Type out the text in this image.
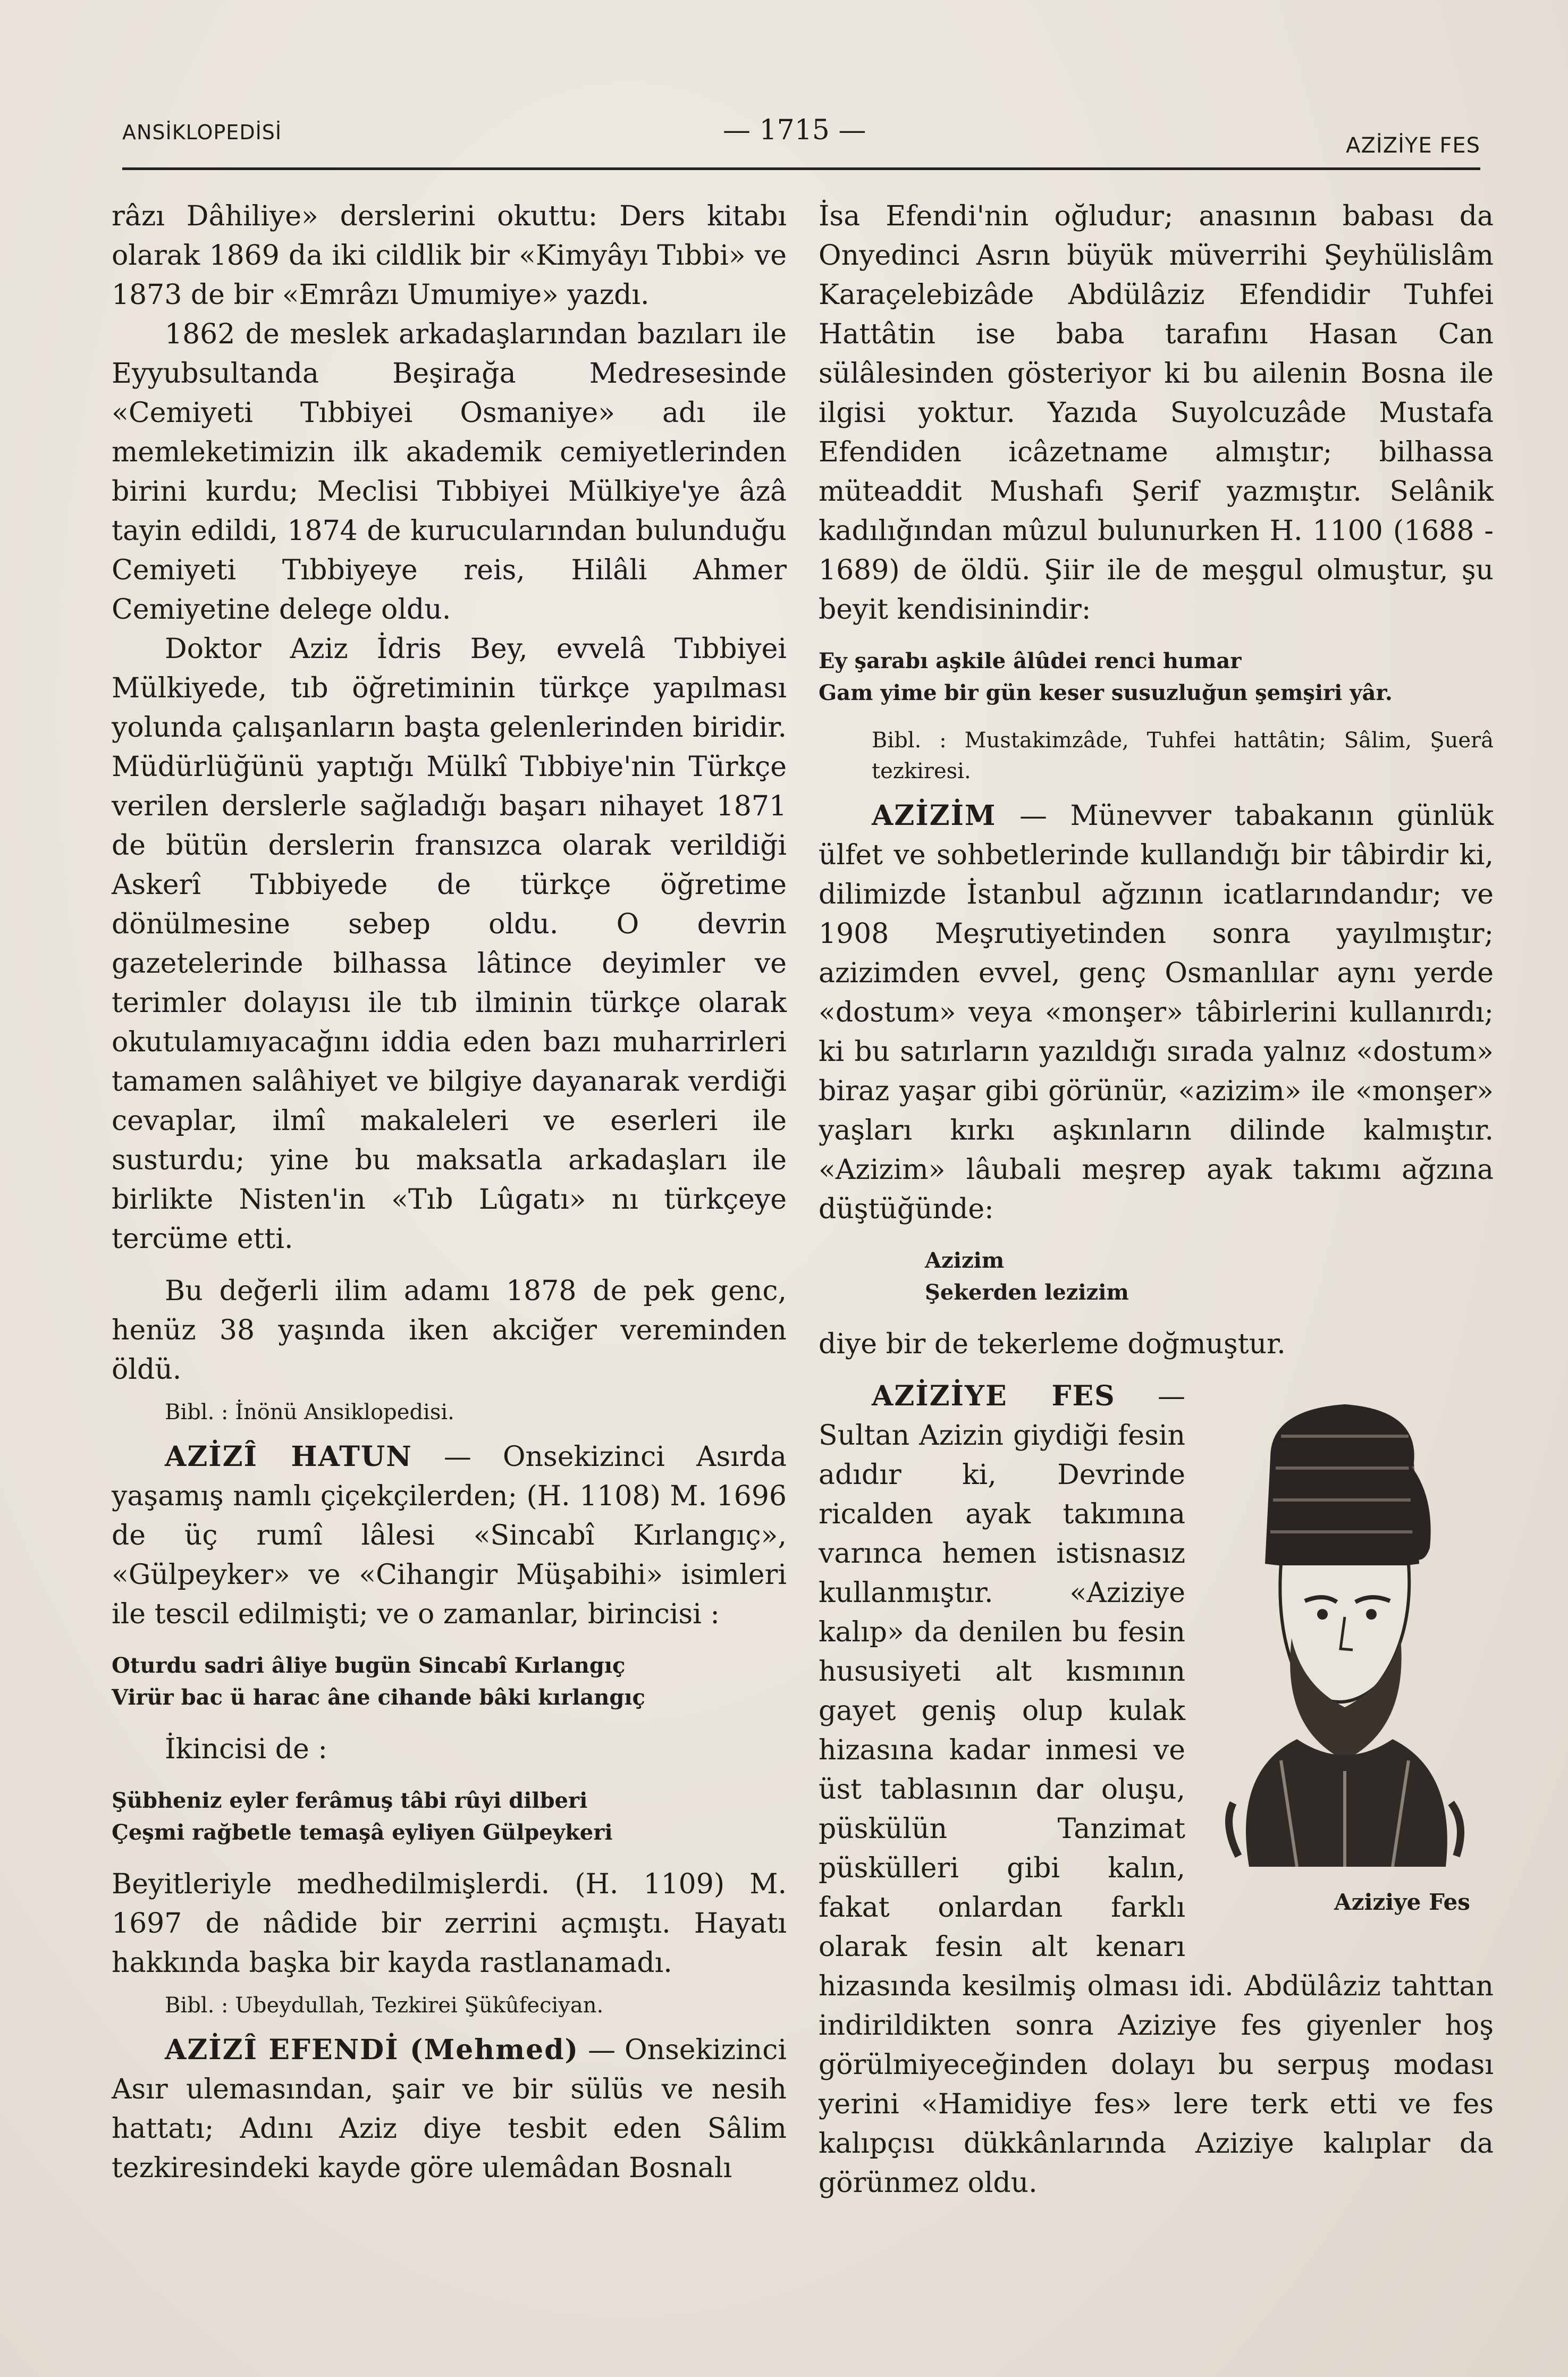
ANSİKLOPEDİSİ	— 1715 —	AZİZİYE FES

râzı Dâhiliye» derslerini okuttu: Ders kitabı olarak 1869 da iki cildlik bir «Kimyâyı Tıbbi» ve 1873 de bir «Emrâzı Umumiye» yazdı.

1862 de meslek arkadaşlarından bazıları ile Eyyubsultanda Beşirağa Medresesinde «Cemiyeti Tıbbiyei Osmaniye» adı ile memleketimizin ilk akademik cemiyetlerinden birini kurdu; Meclisi Tıbbiyei Mülkiye'ye âzâ tayin edildi, 1874 de kurucularından bulunduğu Cemiyeti Tıbbiyeye reis, Hilâli Ahmer Cemiyetine delege oldu.

Doktor Aziz İdris Bey, evvelâ Tıbbiyei Mülkiyede, tıb öğretiminin türkçe yapılması yolunda çalışanların başta gelenlerinden biridir. Müdürlüğünü yaptığı Mülkî Tıbbiye'nin Türkçe verilen derslerle sağladığı başarı nihayet 1871 de bütün derslerin fransızca olarak verildiği Askerî Tıbbiyede de türkçe öğretime dönülmesine sebep oldu. O devrin gazetelerinde bilhassa lâtince deyimler ve terimler dolayısı ile tıb ilminin türkçe olarak okutulamıyacağını iddia eden bazı muharrirleri tamamen salâhiyet ve bilgiye dayanarak verdiği cevaplar, ilmî makaleleri ve eserleri ile susturdu; yine bu maksatla arkadaşları ile birlikte Nisten'in «Tıb Lûgatı» nı türkçeye tercüme etti.

Bu değerli ilim adamı 1878 de pek genc, henüz 38 yaşında iken akciğer vereminden öldü.

Bibl. : İnönü Ansiklopedisi.

AZİZÎ HATUN — Onsekizinci Asırda yaşamış namlı çiçekçilerden; (H. 1108) M. 1696 de üç rumî lâlesi «Sincabî Kırlangıç», «Gülpeyker» ve «Cihangir Müşabihi» isimleri ile tescil edilmişti; ve o zamanlar, birincisi :

Oturdu sadri âliye bugün Sincabî Kırlangıç
Virür bac ü harac âne cihande bâki kırlangıç

İkincisi de :

Şübheniz eyler ferâmuş tâbi rûyi dilberi
Çeşmi rağbetle temaşâ eyliyen Gülpeykeri

Beyitleriyle medhedilmişlerdi. (H. 1109) M. 1697 de nâdide bir zerrini açmıştı. Hayatı hakkında başka bir kayda rastlanamadı.

Bibl. : Ubeydullah, Tezkirei Şükûfeciyan.

AZİZÎ EFENDİ (Mehmed) — Onsekizinci Asır ulemasından, şair ve bir sülüs ve nesih hattatı; Adını Aziz diye tesbit eden Sâlim tezkiresindeki kayde göre ulemâdan Bosnalı

İsa Efendi'nin oğludur; anasının babası da Onyedinci Asrın büyük müverrihi Şeyhülislâm Karaçelebizâde Abdülâziz Efendidir Tuhfei Hattâtin ise baba tarafını Hasan Can sülâlesinden gösteriyor ki bu ailenin Bosna ile ilgisi yoktur. Yazıda Suyolcuzâde Mustafa Efendiden icâzetname almıştır; bilhassa müteaddit Mushafı Şerif yazmıştır. Selânik kadılığından mûzul bulunurken H. 1100 (1688 - 1689) de öldü. Şiir ile de meşgul olmuştur, şu beyit kendisinindir:

Ey şarabı aşkile âlûdei renci humar
Gam yime bir gün keser susuzluğun şemşiri yâr.

Bibl. : Mustakimzâde, Tuhfei hattâtin; Sâlim, Şuerâ tezkiresi.

AZİZİM — Münevver tabakanın günlük ülfet ve sohbetlerinde kullandığı bir tâbirdir ki, dilimizde İstanbul ağzının icatlarındandır; ve 1908 Meşrutiyetinden sonra yayılmıştır; azizimden evvel, genç Osmanlılar aynı yerde «dostum» veya «monşer» tâbirlerini kullanırdı; ki bu satırların yazıldığı sırada yalnız «dostum» biraz yaşar gibi görünür, «azizim» ile «monşer» yaşları kırkı aşkınların dilinde kalmıştır. «Azizim» lâubali meşrep ayak takımı ağzına düştüğünde:

Azizim
Şekerden lezizim

diye bir de tekerleme doğmuştur.

AZİZİYE FES
Aziziye Fes
— Sultan Azizin giydiği fesin adıdır ki, Devrinde ricalden ayak takımına varınca hemen istisnasız kullanmıştır. «Aziziye kalıp» da denilen bu fesin hususiyeti alt kısmının gayet geniş olup kulak hizasına kadar inmesi ve üst tablasının dar oluşu, püskülün Tanzimat püskülleri gibi kalın, fakat onlardan farklı olarak fesin alt kenarı hizasında kesilmiş olması idi. Abdülâziz tahttan indirildikten sonra Aziziye fes giyenler hoş görülmiyeceğinden dolayı bu serpuş modası yerini «Hamidiye fes» lere terk etti ve fes kalıpçısı dükkânlarında Aziziye kalıplar da görünmez oldu.
